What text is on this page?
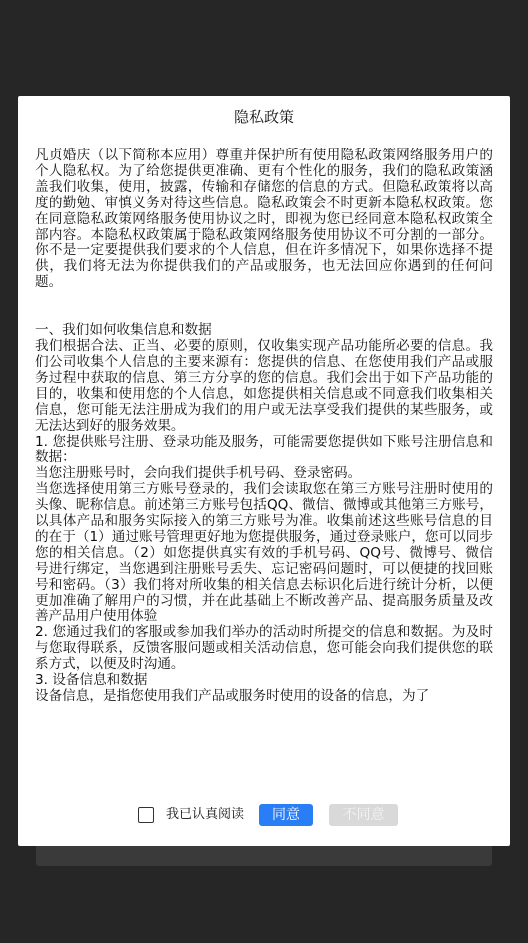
隐私政策

凡贞婚庆（以下简称本应用）尊重并保护所有使用隐私政策网络服务用户的个人隐私权。为了给您提供更准确、更有个性化的服务，我们的隐私政策涵盖我们收集，使用，披露，传输和存储您的信息的方式。但隐私政策将以高度的勤勉、审慎义务对待这些信息。隐私政策会不时更新本隐私权政策。您在同意隐私政策网络服务使用协议之时，即视为您已经同意本隐私权政策全部内容。本隐私权政策属于隐私政策网络服务使用协议不可分割的一部分。你不是一定要提供我们要求的个人信息，但在许多情况下，如果你选择不提供，我们将无法为你提供我们的产品或服务，也无法回应你遇到的任何问题。

一、我们如何收集信息和数据

我们根据合法、正当、必要的原则，仅收集实现产品功能所必要的信息。我们公司收集个人信息的主要来源有：您提供的信息、在您使用我们产品或服务过程中获取的信息、第三方分享的您的信息。我们会出于如下产品功能的目的，收集和使用您的个人信息，如您提供相关信息或不同意我们收集相关信息，您可能无法注册成为我们的用户或无法享受我们提供的某些服务，或无法达到好的服务效果。

1. 您提供账号注册、登录功能及服务，可能需要您提供如下账号注册信息和数据：

当您注册账号时，会向我们提供手机号码、登录密码。

当您选择使用第三方账号登录的，我们会读取您在第三方账号注册时使用的头像、昵称信息。前述第三方账号包括QQ、微信、微博或其他第三方账号，以具体产品和服务实际接入的第三方账号为准。收集前述这些账号信息的目的在于（1）通过账号管理更好地为您提供服务，通过登录账户，您可以同步您的相关信息。（2）如您提供真实有效的手机号码、QQ号、微博号、微信号进行绑定，当您遇到注册账号丢失、忘记密码问题时，可以便捷的找回账号和密码。（3）我们将对所收集的相关信息去标识化后进行统计分析，以便更加准确了解用户的习惯，并在此基础上不断改善产品、提高服务质量及改善产品用户使用体验

2. 您通过我们的客服或参加我们举办的活动时所提交的信息和数据。为及时与您取得联系，反馈客服问题或相关活动信息，您可能会向我们提供您的联系方式，以便及时沟通。

3. 设备信息和数据

设备信息，是指您使用我们产品或服务时使用的设备的信息，为了

我已认真阅读	同意	不同意
